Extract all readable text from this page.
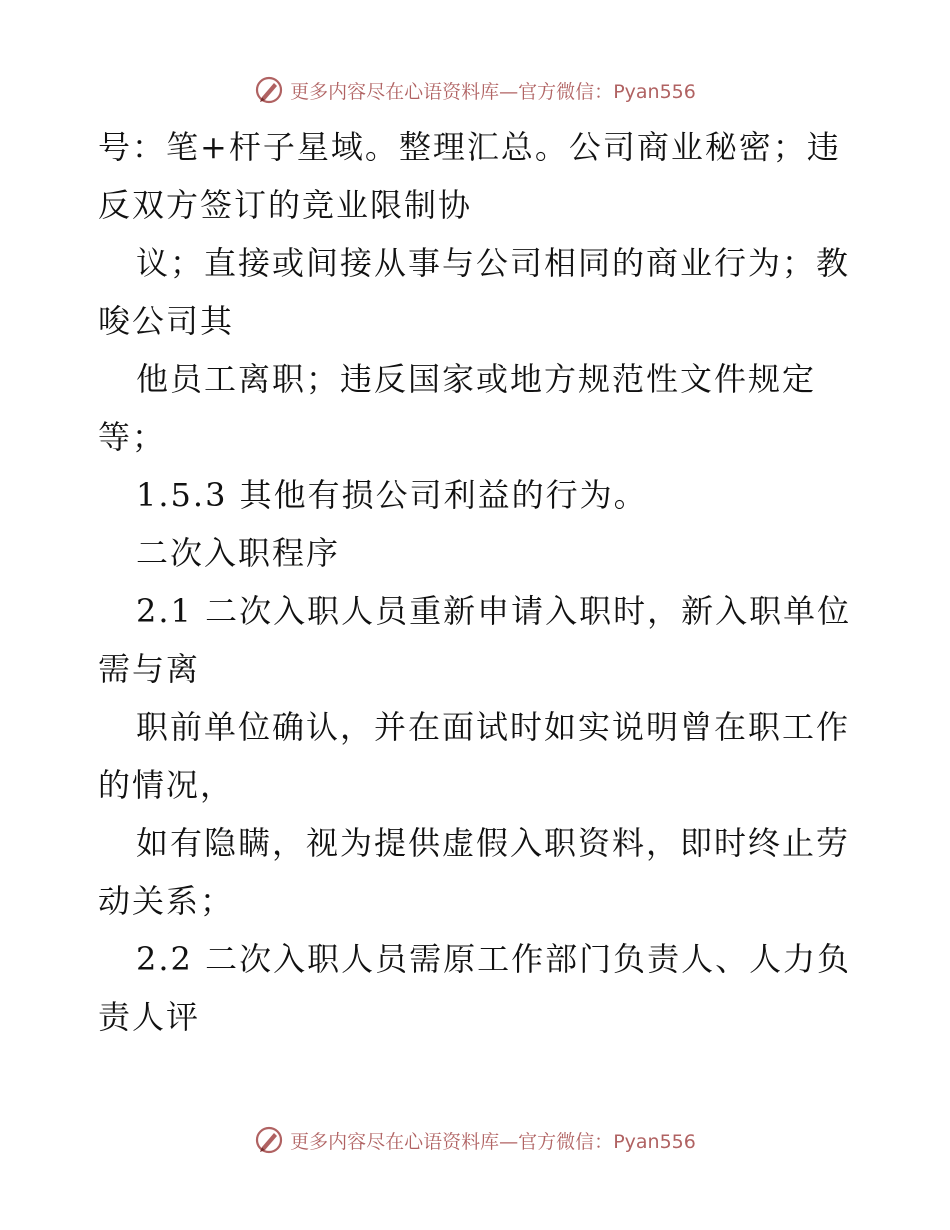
更多内容尽在心语资料库—官方微信：Pyan556
号：笔+杆子星域。整理汇总。公司商业秘密；违
反双方签订的竞业限制协
议；直接或间接从事与公司相同的商业行为；教
唆公司其
他员工离职；违反国家或地方规范性文件规定
等；
1.5.3 其他有损公司利益的行为。
二次入职程序
2.1 二次入职人员重新申请入职时，新入职单位
需与离
职前单位确认，并在面试时如实说明曾在职工作
的情况，
如有隐瞒，视为提供虚假入职资料，即时终止劳
动关系；
2.2 二次入职人员需原工作部门负责人、人力负
责人评
更多内容尽在心语资料库—官方微信：Pyan556
